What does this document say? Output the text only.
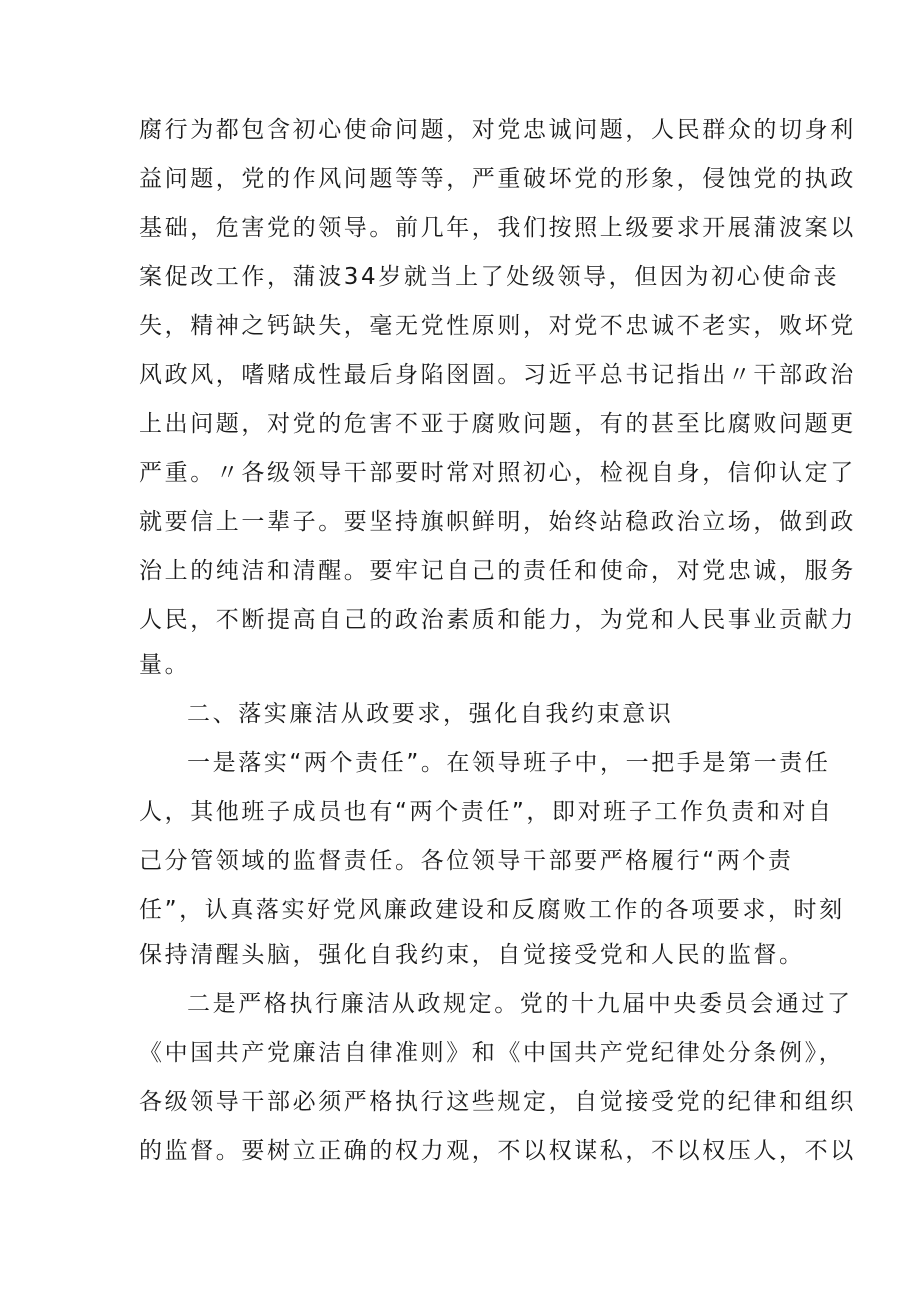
腐行为都包含初心使命问题，对党忠诚问题，人民群众的切身利
益问题，党的作风问题等等，严重破坏党的形象，侵蚀党的执政
基础，危害党的领导。前几年，我们按照上级要求开展蒲波案以
案促改工作，蒲波34岁就当上了处级领导，但因为初心使命丧
失，精神之钙缺失，毫无党性原则，对党不忠诚不老实，败坏党
风政风，嗜赌成性最后身陷囹圄。习近平总书记指出〃干部政治
上出问题，对党的危害不亚于腐败问题，有的甚至比腐败问题更
严重。〃各级领导干部要时常对照初心，检视自身，信仰认定了
就要信上一辈子。要坚持旗帜鲜明，始终站稳政治立场，做到政
治上的纯洁和清醒。要牢记自己的责任和使命，对党忠诚，服务
人民，不断提高自己的政治素质和能力，为党和人民事业贡献力
量。
二、落实廉洁从政要求，强化自我约束意识
一是落实“两个责任”。在领导班子中，一把手是第一责任
人，其他班子成员也有“两个责任”，即对班子工作负责和对自
己分管领域的监督责任。各位领导干部要严格履行“两个责
任”，认真落实好党风廉政建设和反腐败工作的各项要求，时刻
保持清醒头脑，强化自我约束，自觉接受党和人民的监督。
二是严格执行廉洁从政规定。党的十九届中央委员会通过了
《中国共产党廉洁自律准则》和《中国共产党纪律处分条例》，
各级领导干部必须严格执行这些规定，自觉接受党的纪律和组织
的监督。要树立正确的权力观，不以权谋私，不以权压人，不以
